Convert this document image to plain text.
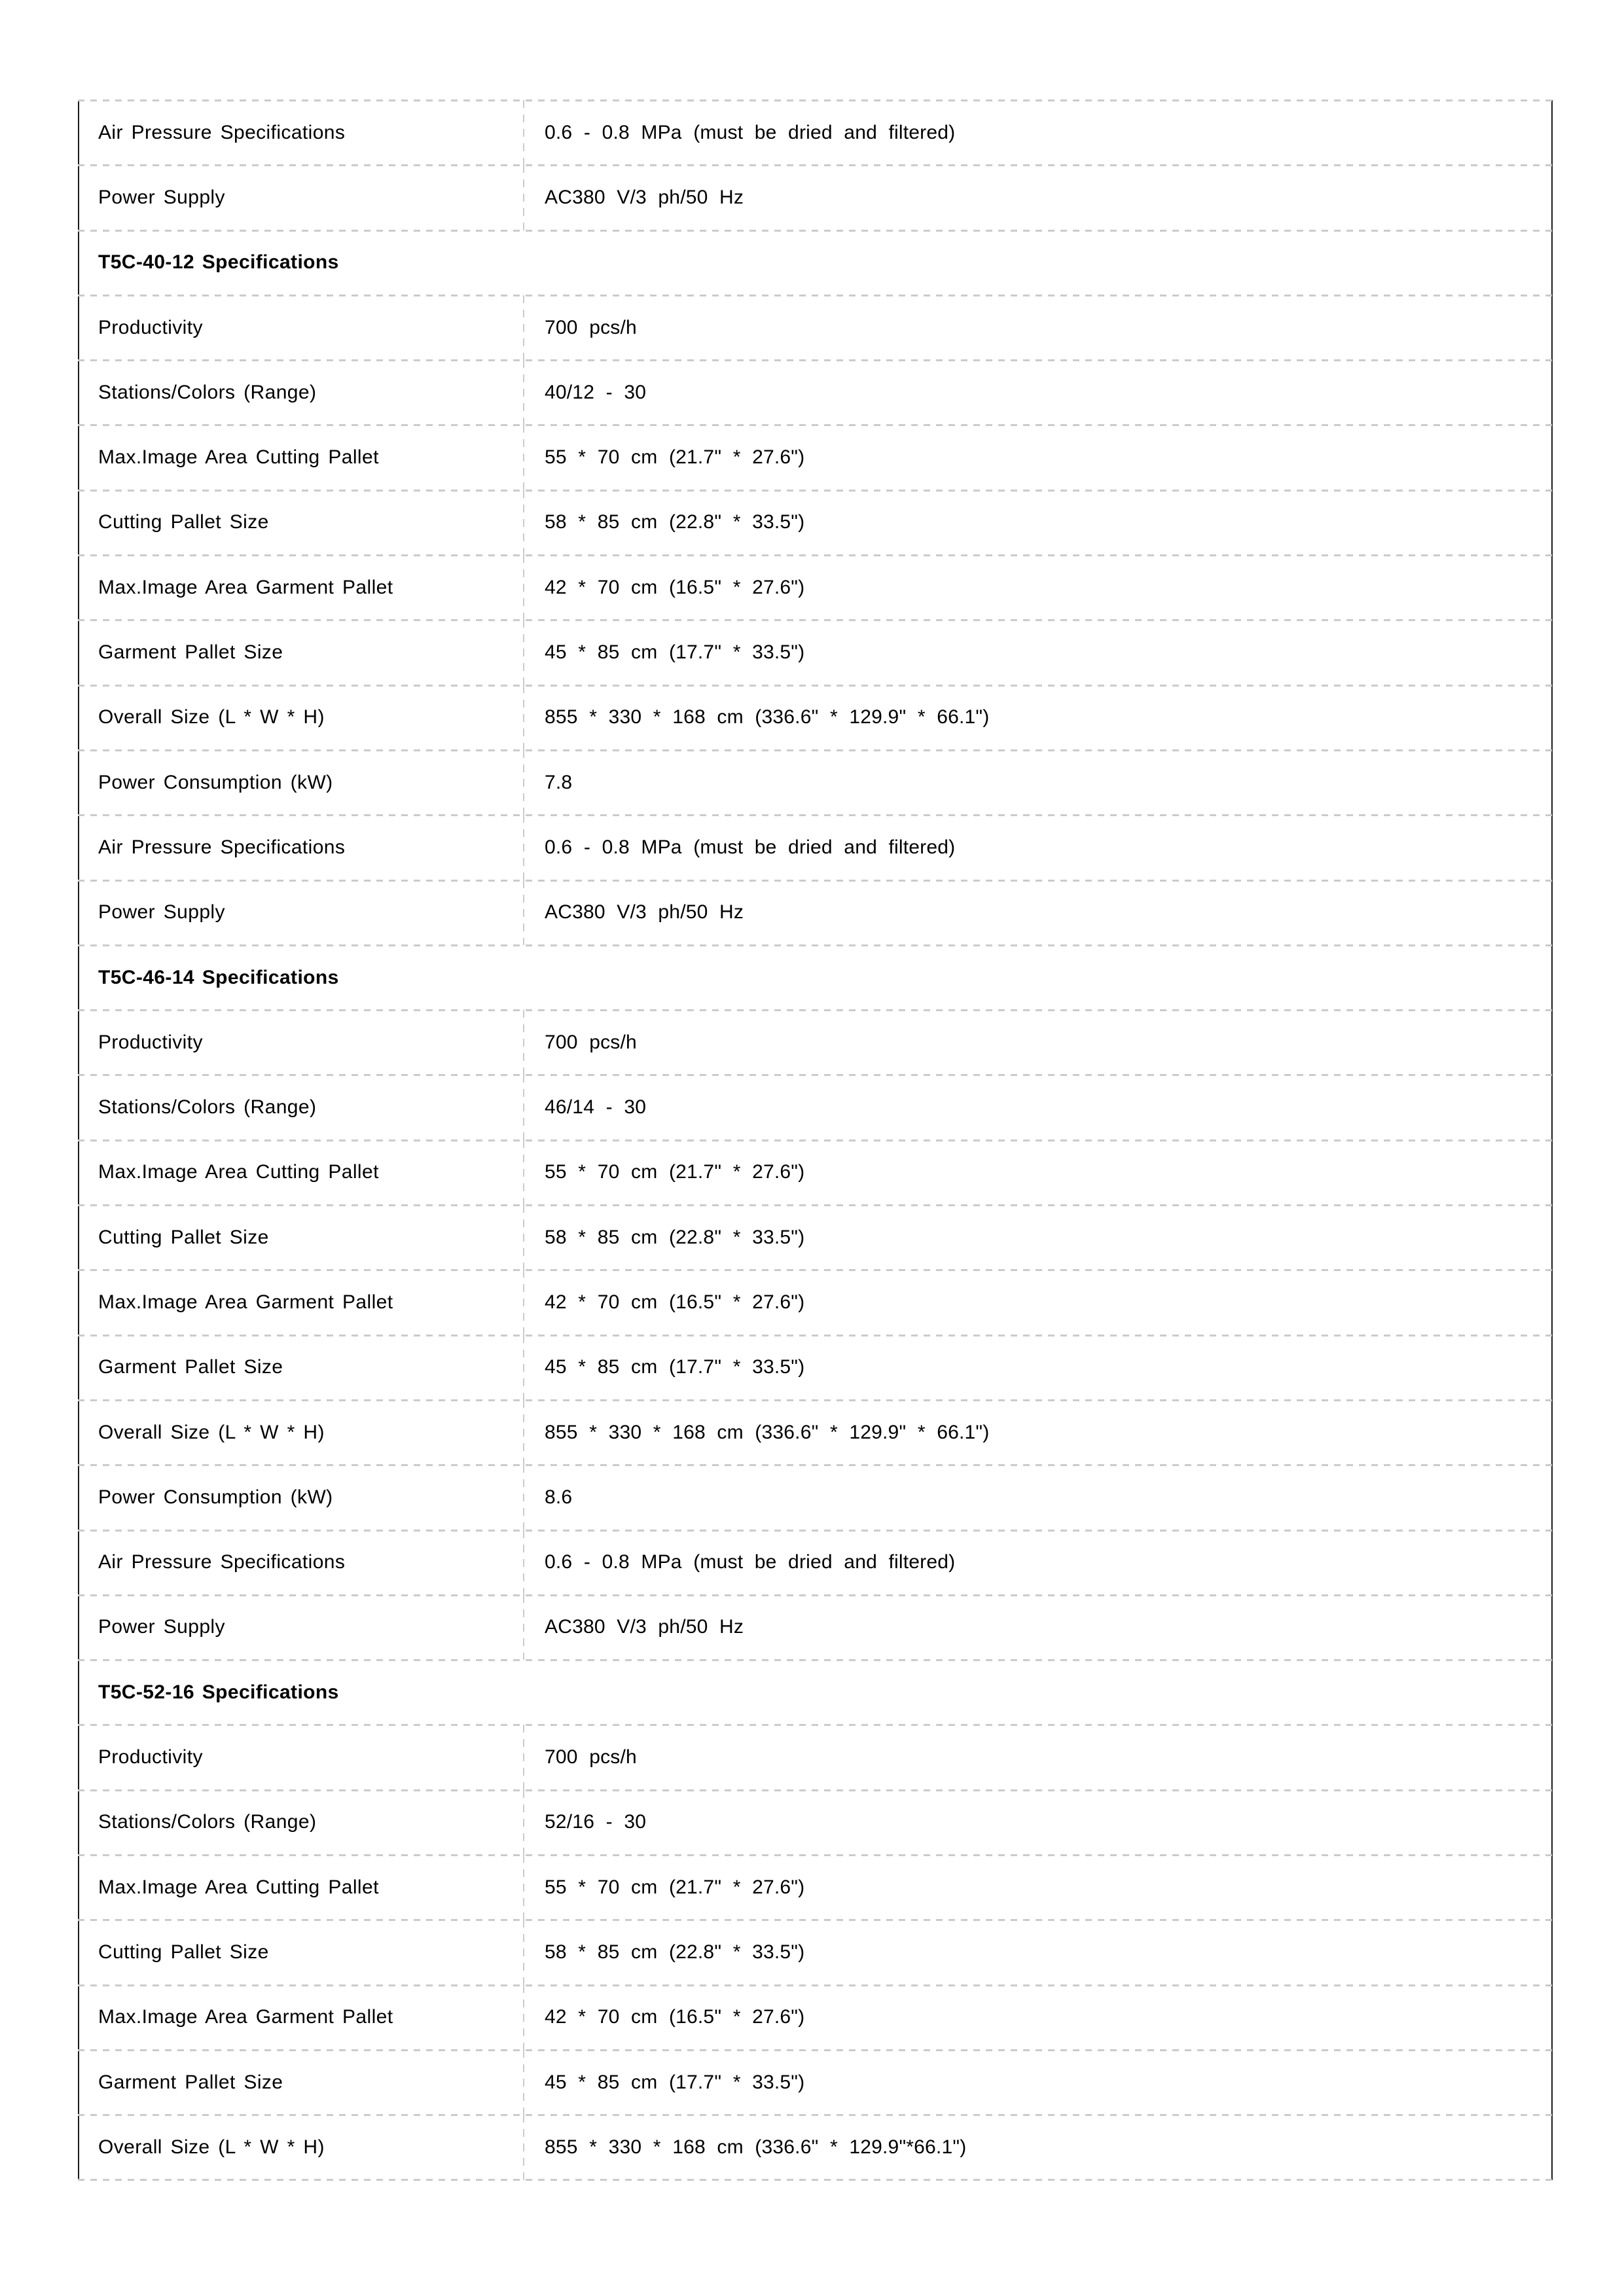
Air Pressure Specifications	0.6 - 0.8 MPa (must be dried and filtered)
Power Supply	AC380 V/3 ph/50 Hz
T5C-40-12 Specifications
Productivity	700 pcs/h
Stations/Colors (Range)	40/12 - 30
Max.Image Area Cutting Pallet	55 * 70 cm (21.7" * 27.6")
Cutting Pallet Size	58 * 85 cm (22.8" * 33.5")
Max.Image Area Garment Pallet	42 * 70 cm (16.5" * 27.6")
Garment Pallet Size	45 * 85 cm (17.7" * 33.5")
Overall Size (L * W * H)	855 * 330 * 168 cm (336.6" * 129.9" * 66.1")
Power Consumption (kW)	7.8
Air Pressure Specifications	0.6 - 0.8 MPa (must be dried and filtered)
Power Supply	AC380 V/3 ph/50 Hz
T5C-46-14 Specifications
Productivity	700 pcs/h
Stations/Colors (Range)	46/14 - 30
Max.Image Area Cutting Pallet	55 * 70 cm (21.7" * 27.6")
Cutting Pallet Size	58 * 85 cm (22.8" * 33.5")
Max.Image Area Garment Pallet	42 * 70 cm (16.5" * 27.6")
Garment Pallet Size	45 * 85 cm (17.7" * 33.5")
Overall Size (L * W * H)	855 * 330 * 168 cm (336.6" * 129.9" * 66.1")
Power Consumption (kW)	8.6
Air Pressure Specifications	0.6 - 0.8 MPa (must be dried and filtered)
Power Supply	AC380 V/3 ph/50 Hz
T5C-52-16 Specifications
Productivity	700 pcs/h
Stations/Colors (Range)	52/16 - 30
Max.Image Area Cutting Pallet	55 * 70 cm (21.7" * 27.6")
Cutting Pallet Size	58 * 85 cm (22.8" * 33.5")
Max.Image Area Garment Pallet	42 * 70 cm (16.5" * 27.6")
Garment Pallet Size	45 * 85 cm (17.7" * 33.5")
Overall Size (L * W * H)	855 * 330 * 168 cm (336.6" * 129.9"*66.1")
